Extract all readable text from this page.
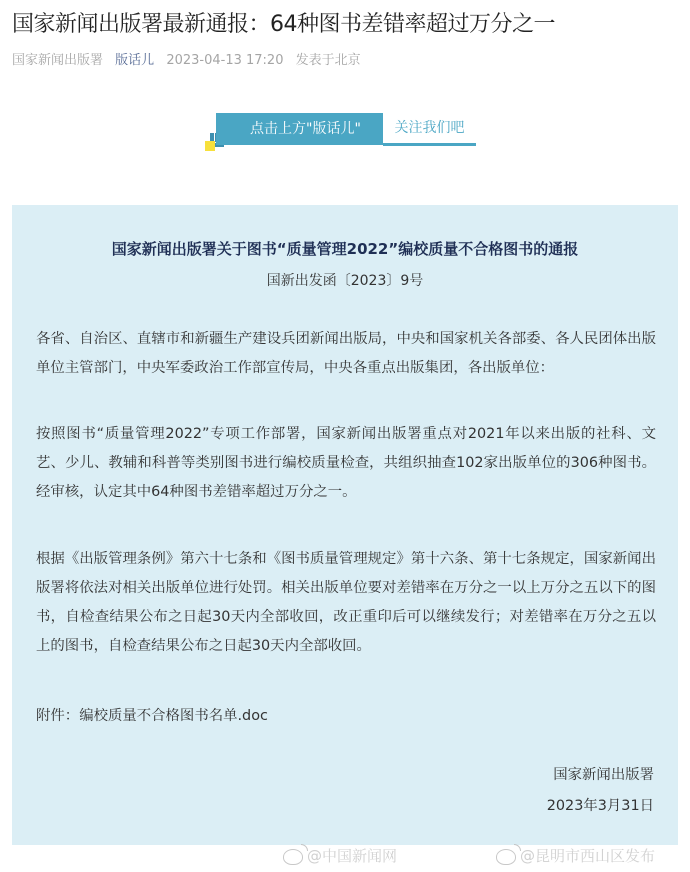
国家新闻出版署最新通报：64种图书差错率超过万分之一
国家新闻出版署 版话儿 2023-04-13 17:20 发表于北京
点击上方"版话儿"	关注我们吧
国家新闻出版署关于图书“质量管理2022”编校质量不合格图书的通报
国新出发函〔2023〕9号
各省、自治区、直辖市和新疆生产建设兵团新闻出版局，中央和国家机关各部委、各人民团体出版单位主管部门，中央军委政治工作部宣传局，中央各重点出版集团，各出版单位：
按照图书“质量管理2022”专项工作部署，国家新闻出版署重点对2021年以来出版的社科、文艺、少儿、教辅和科普等类别图书进行编校质量检查，共组织抽查102家出版单位的306种图书。经审核，认定其中64种图书差错率超过万分之一。
根据《出版管理条例》第六十七条和《图书质量管理规定》第十六条、第十七条规定，国家新闻出版署将依法对相关出版单位进行处罚。相关出版单位要对差错率在万分之一以上万分之五以下的图书，自检查结果公布之日起30天内全部收回，改正重印后可以继续发行；对差错率在万分之五以上的图书，自检查结果公布之日起30天内全部收回。
附件：编校质量不合格图书名单.doc
国家新闻出版署
2023年3月31日
@中国新闻网	@昆明市西山区发布
